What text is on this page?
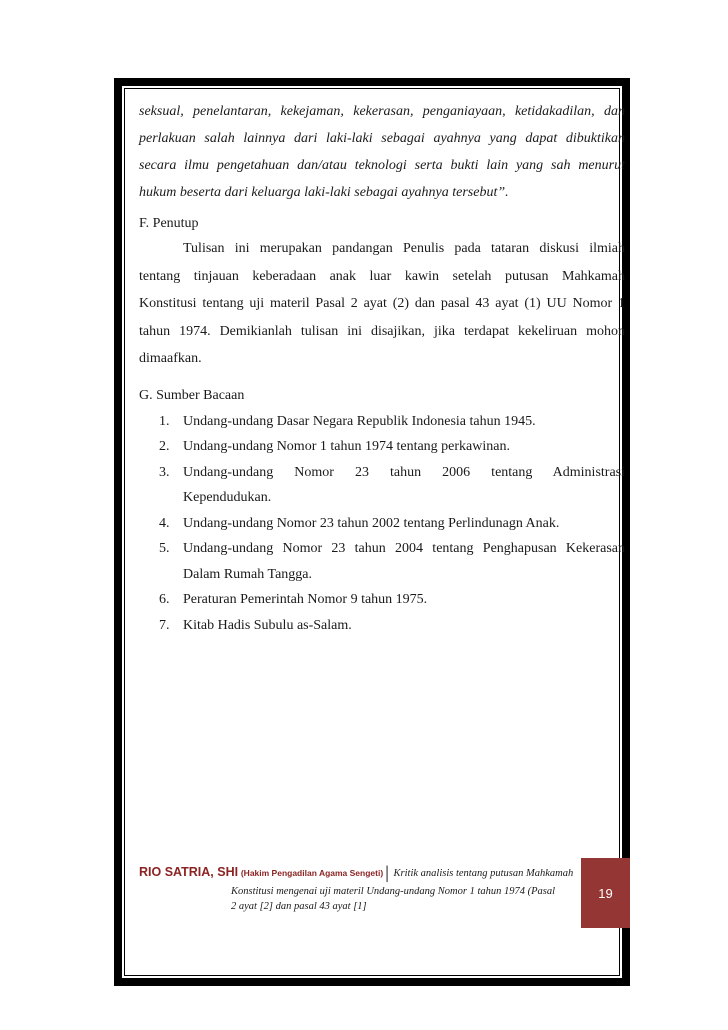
seksual, penelantaran, kekejaman, kekerasan, penganiayaan, ketidakadilan, dan
perlakuan salah lainnya dari laki-laki sebagai ayahnya yang dapat dibuktikan
secara ilmu pengetahuan dan/atau teknologi serta bukti lain yang sah menurut
hukum beserta dari keluarga laki-laki sebagai ayahnya tersebut”.

F. Penutup

Tulisan ini merupakan pandangan Penulis pada tataran diskusi ilmiah
tentang tinjauan keberadaan anak luar kawin setelah putusan Mahkamah
Konstitusi tentang uji materil Pasal 2 ayat (2) dan pasal 43 ayat (1) UU Nomor 1
tahun 1974. Demikianlah tulisan ini disajikan, jika terdapat kekeliruan mohon
dimaafkan.

G. Sumber Bacaan

1. Undang-undang Dasar Negara Republik Indonesia tahun 1945.
2. Undang-undang Nomor 1 tahun 1974 tentang perkawinan.
3. Undang-undang Nomor 23 tahun 2006 tentang Administrasi
Kependudukan.
4. Undang-undang Nomor 23 tahun 2002 tentang Perlindunagn Anak.
5. Undang-undang Nomor 23 tahun 2004 tentang Penghapusan Kekerasan
Dalam Rumah Tangga.
6. Peraturan Pemerintah Nomor 9 tahun 1975.
7. Kitab Hadis Subulu as-Salam.
RIO SATRIA, SHI (Hakim Pengadilan Agama Sengeti) | Kritik analisis tentang putusan Mahkamah
Konstitusi mengenai uji materil Undang-undang Nomor 1 tahun 1974 (Pasal
2 ayat [2] dan pasal 43 ayat [1]
19
